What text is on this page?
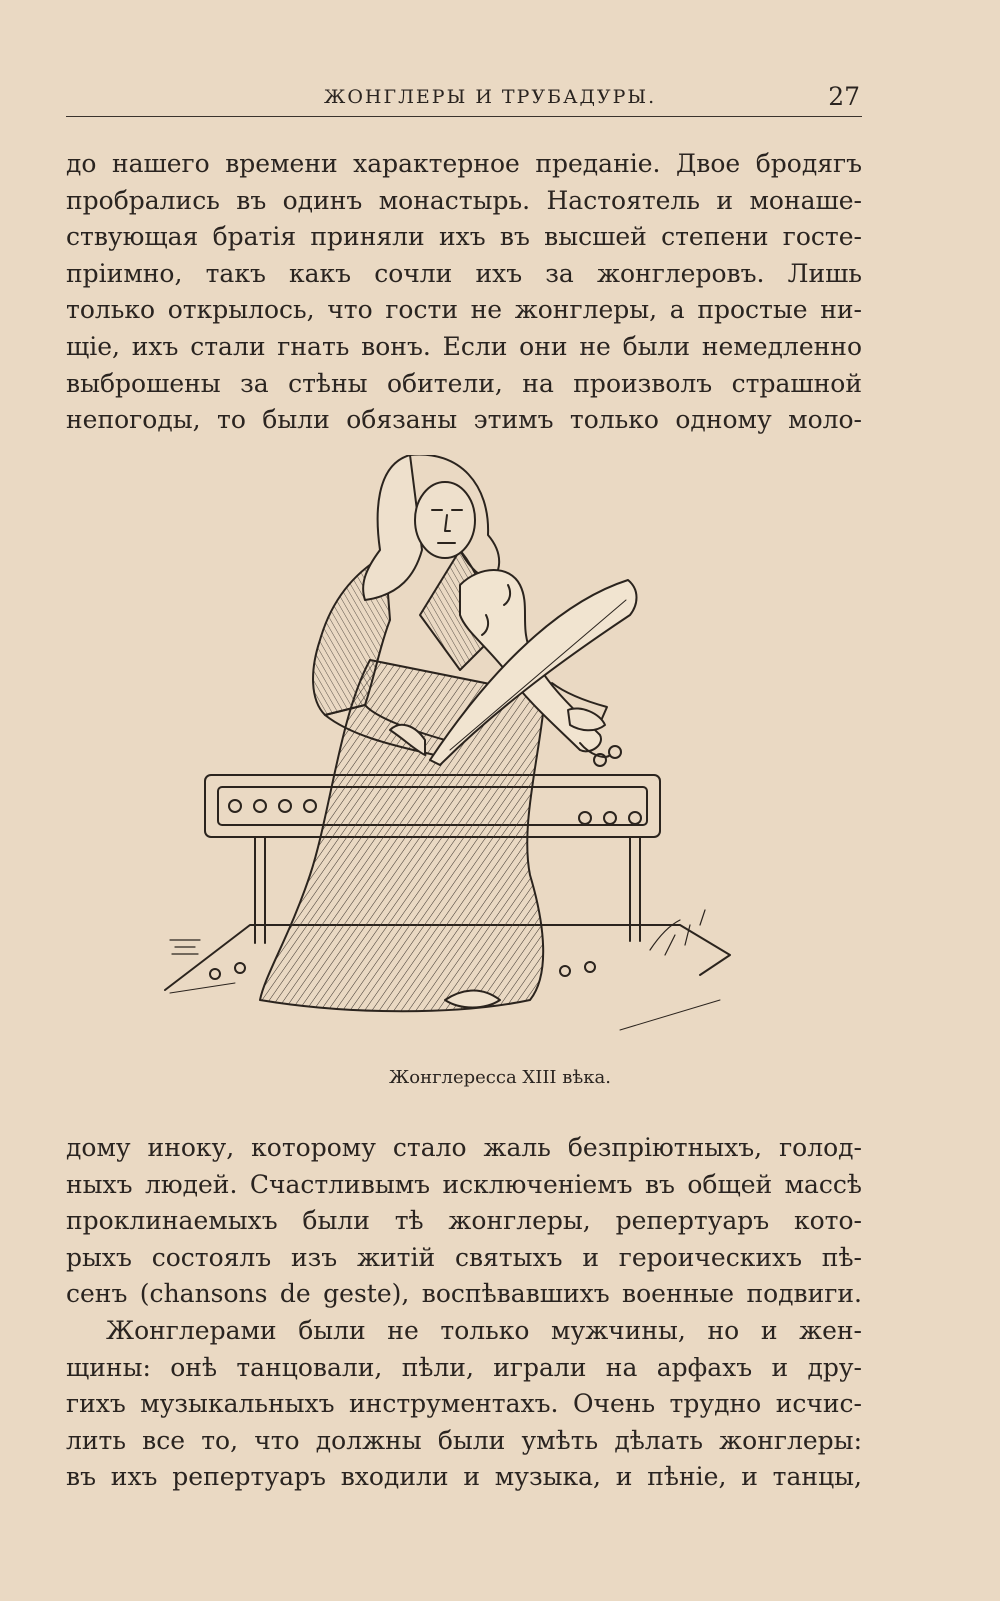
ЖОНГЛЕРЫ И ТРУБАДУРЫ.	27
до нашего времени характерное преданіе. Двое бродягъ
пробрались въ одинъ монастырь. Настоятель и монаше-
ствующая братія приняли ихъ въ высшей степени госте-
пріимно, такъ какъ сочли ихъ за жонглеровъ. Лишь
только открылось, что гости не жонглеры, а простые ни-
щіе, ихъ стали гнать вонъ. Если они не были немедленно
выброшены за стѣны обители, на произволъ страшной
непогоды, то были обязаны этимъ только одному моло-
Жонглересса XIII вѣка.
дому иноку, которому стало жаль безпріютныхъ, голод-
ныхъ людей. Счастливымъ исключеніемъ въ общей массѣ
проклинаемыхъ были тѣ жонглеры, репертуаръ кото-
рыхъ состоялъ изъ житій святыхъ и героическихъ пѣ-
сенъ (chansons de geste), воспѣвавшихъ военные подвиги.
Жонглерами были не только мужчины, но и жен-
щины: онѣ танцовали, пѣли, играли на арфахъ и дру-
гихъ музыкальныхъ инструментахъ. Очень трудно исчис-
лить все то, что должны были умѣть дѣлать жонглеры:
въ ихъ репертуаръ входили и музыка, и пѣніе, и танцы,
